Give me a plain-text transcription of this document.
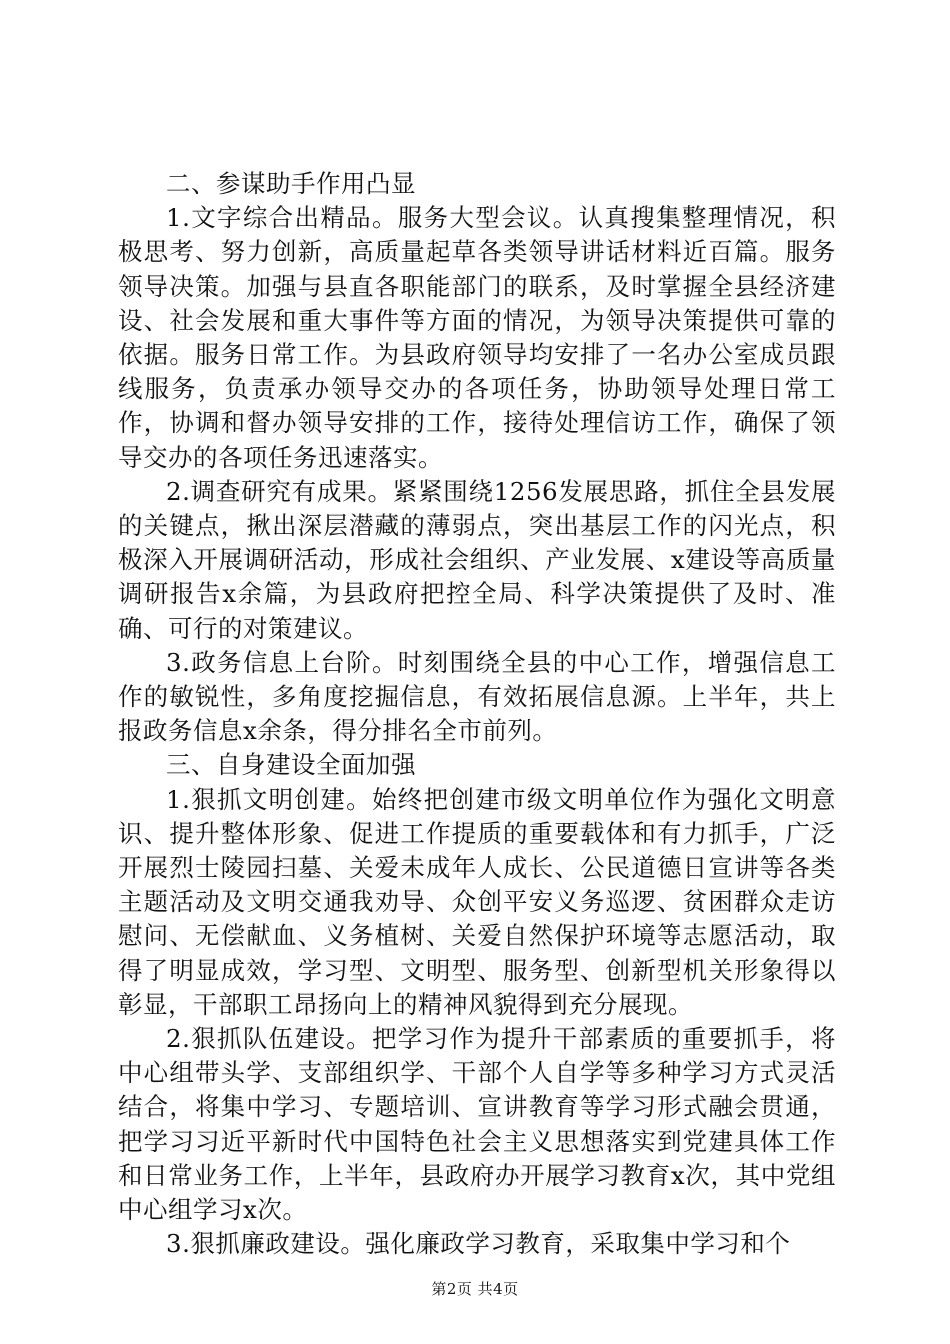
二、参谋助手作用凸显

1.文字综合出精品。服务大型会议。认真搜集整理情况，积极思考、努力创新，高质量起草各类领导讲话材料近百篇。服务领导决策。加强与县直各职能部门的联系，及时掌握全县经济建设、社会发展和重大事件等方面的情况，为领导决策提供可靠的依据。服务日常工作。为县政府领导均安排了一名办公室成员跟线服务，负责承办领导交办的各项任务，协助领导处理日常工作，协调和督办领导安排的工作，接待处理信访工作，确保了领导交办的各项任务迅速落实。

2.调查研究有成果。紧紧围绕1256发展思路，抓住全县发展的关键点，揪出深层潜藏的薄弱点，突出基层工作的闪光点，积极深入开展调研活动，形成社会组织、产业发展、x建设等高质量调研报告x余篇，为县政府把控全局、科学决策提供了及时、准确、可行的对策建议。

3.政务信息上台阶。时刻围绕全县的中心工作，增强信息工作的敏锐性，多角度挖掘信息，有效拓展信息源。上半年，共上报政务信息x余条，得分排名全市前列。

三、自身建设全面加强

1.狠抓文明创建。始终把创建市级文明单位作为强化文明意识、提升整体形象、促进工作提质的重要载体和有力抓手，广泛开展烈士陵园扫墓、关爱未成年人成长、公民道德日宣讲等各类主题活动及文明交通我劝导、众创平安义务巡逻、贫困群众走访慰问、无偿献血、义务植树、关爱自然保护环境等志愿活动，取得了明显成效，学习型、文明型、服务型、创新型机关形象得以彰显，干部职工昂扬向上的精神风貌得到充分展现。

2.狠抓队伍建设。把学习作为提升干部素质的重要抓手，将中心组带头学、支部组织学、干部个人自学等多种学习方式灵活结合，将集中学习、专题培训、宣讲教育等学习形式融会贯通，把学习习近平新时代中国特色社会主义思想落实到党建具体工作和日常业务工作，上半年，县政府办开展学习教育x次，其中党组中心组学习x次。

3.狠抓廉政建设。强化廉政学习教育，采取集中学习和个

第2页 共4页
